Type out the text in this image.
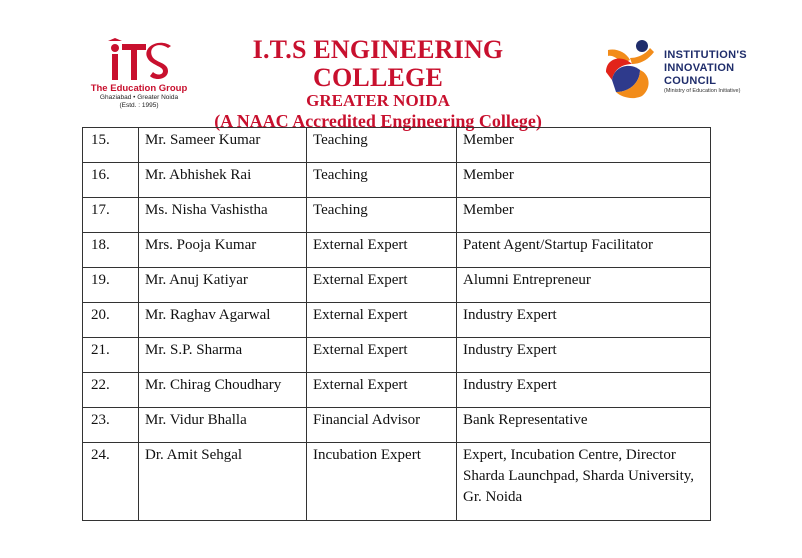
The Education Group
Ghaziabad • Greater Noida
(Estd. : 1995)
I.T.S ENGINEERING COLLEGE
GREATER NOIDA
(A NAAC Accredited Engineering College)
INSTITUTION'S
INNOVATION
COUNCIL
(Ministry of Education Initiative)
15.	Mr. Sameer Kumar	Teaching	Member
16.	Mr. Abhishek Rai	Teaching	Member
17.	Ms. Nisha Vashistha	Teaching	Member
18.	Mrs. Pooja Kumar	External Expert	Patent Agent/Startup Facilitator
19.	Mr. Anuj Katiyar	External Expert	Alumni Entrepreneur
20.	Mr. Raghav Agarwal	External Expert	Industry Expert
21.	Mr. S.P. Sharma	External Expert	Industry Expert
22.	Mr. Chirag Choudhary	External Expert	Industry Expert
23.	Mr. Vidur Bhalla	Financial Advisor	Bank Representative
24.	Dr. Amit Sehgal	Incubation Expert	Expert, Incubation Centre, Director Sharda Launchpad, Sharda University, Gr. Noida
